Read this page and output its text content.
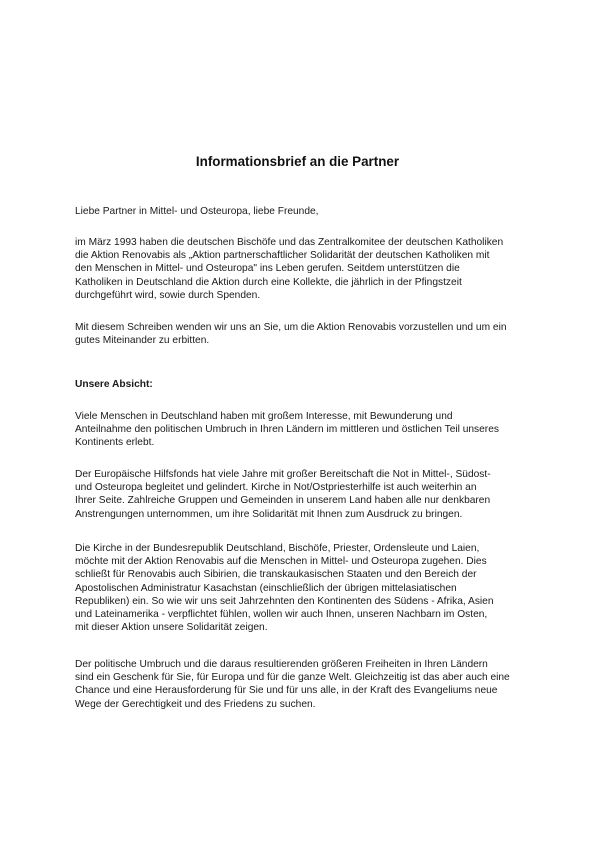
Informationsbrief an die Partner

Liebe Partner in Mittel- und Osteuropa, liebe Freunde,

im März 1993 haben die deutschen Bischöfe und das Zentralkomitee der deutschen Katholiken
die Aktion Renovabis als „Aktion partnerschaftlicher Solidarität der deutschen Katholiken mit
den Menschen in Mittel- und Osteuropa" ins Leben gerufen. Seitdem unterstützen die
Katholiken in Deutschland die Aktion durch eine Kollekte, die jährlich in der Pfingstzeit
durchgeführt wird, sowie durch Spenden.

Mit diesem Schreiben wenden wir uns an Sie, um die Aktion Renovabis vorzustellen und um ein
gutes Miteinander zu erbitten.

Unsere Absicht:

Viele Menschen in Deutschland haben mit großem Interesse, mit Bewunderung und
Anteilnahme den politischen Umbruch in Ihren Ländern im mittleren und östlichen Teil unseres
Kontinents erlebt.

Der Europäische Hilfsfonds hat viele Jahre mit großer Bereitschaft die Not in Mittel-, Südost-
und Osteuropa begleitet und gelindert. Kirche in Not/Ostpriesterhilfe ist auch weiterhin an
Ihrer Seite. Zahlreiche Gruppen und Gemeinden in unserem Land haben alle nur denkbaren
Anstrengungen unternommen, um ihre Solidarität mit Ihnen zum Ausdruck zu bringen.

Die Kirche in der Bundesrepublik Deutschland, Bischöfe, Priester, Ordensleute und Laien,
möchte mit der Aktion Renovabis auf die Menschen in Mittel- und Osteuropa zugehen. Dies
schließt für Renovabis auch Sibirien, die transkaukasischen Staaten und den Bereich der
Apostolischen Administratur Kasachstan (einschließlich der übrigen mittelasiatischen
Republiken) ein. So wie wir uns seit Jahrzehnten den Kontinenten des Südens - Afrika, Asien
und Lateinamerika - verpflichtet fühlen, wollen wir auch Ihnen, unseren Nachbarn im Osten,
mit dieser Aktion unsere Solidarität zeigen.

Der politische Umbruch und die daraus resultierenden größeren Freiheiten in Ihren Ländern
sind ein Geschenk für Sie, für Europa und für die ganze Welt. Gleichzeitig ist das aber auch eine
Chance und eine Herausforderung für Sie und für uns alle, in der Kraft des Evangeliums neue
Wege der Gerechtigkeit und des Friedens zu suchen.
